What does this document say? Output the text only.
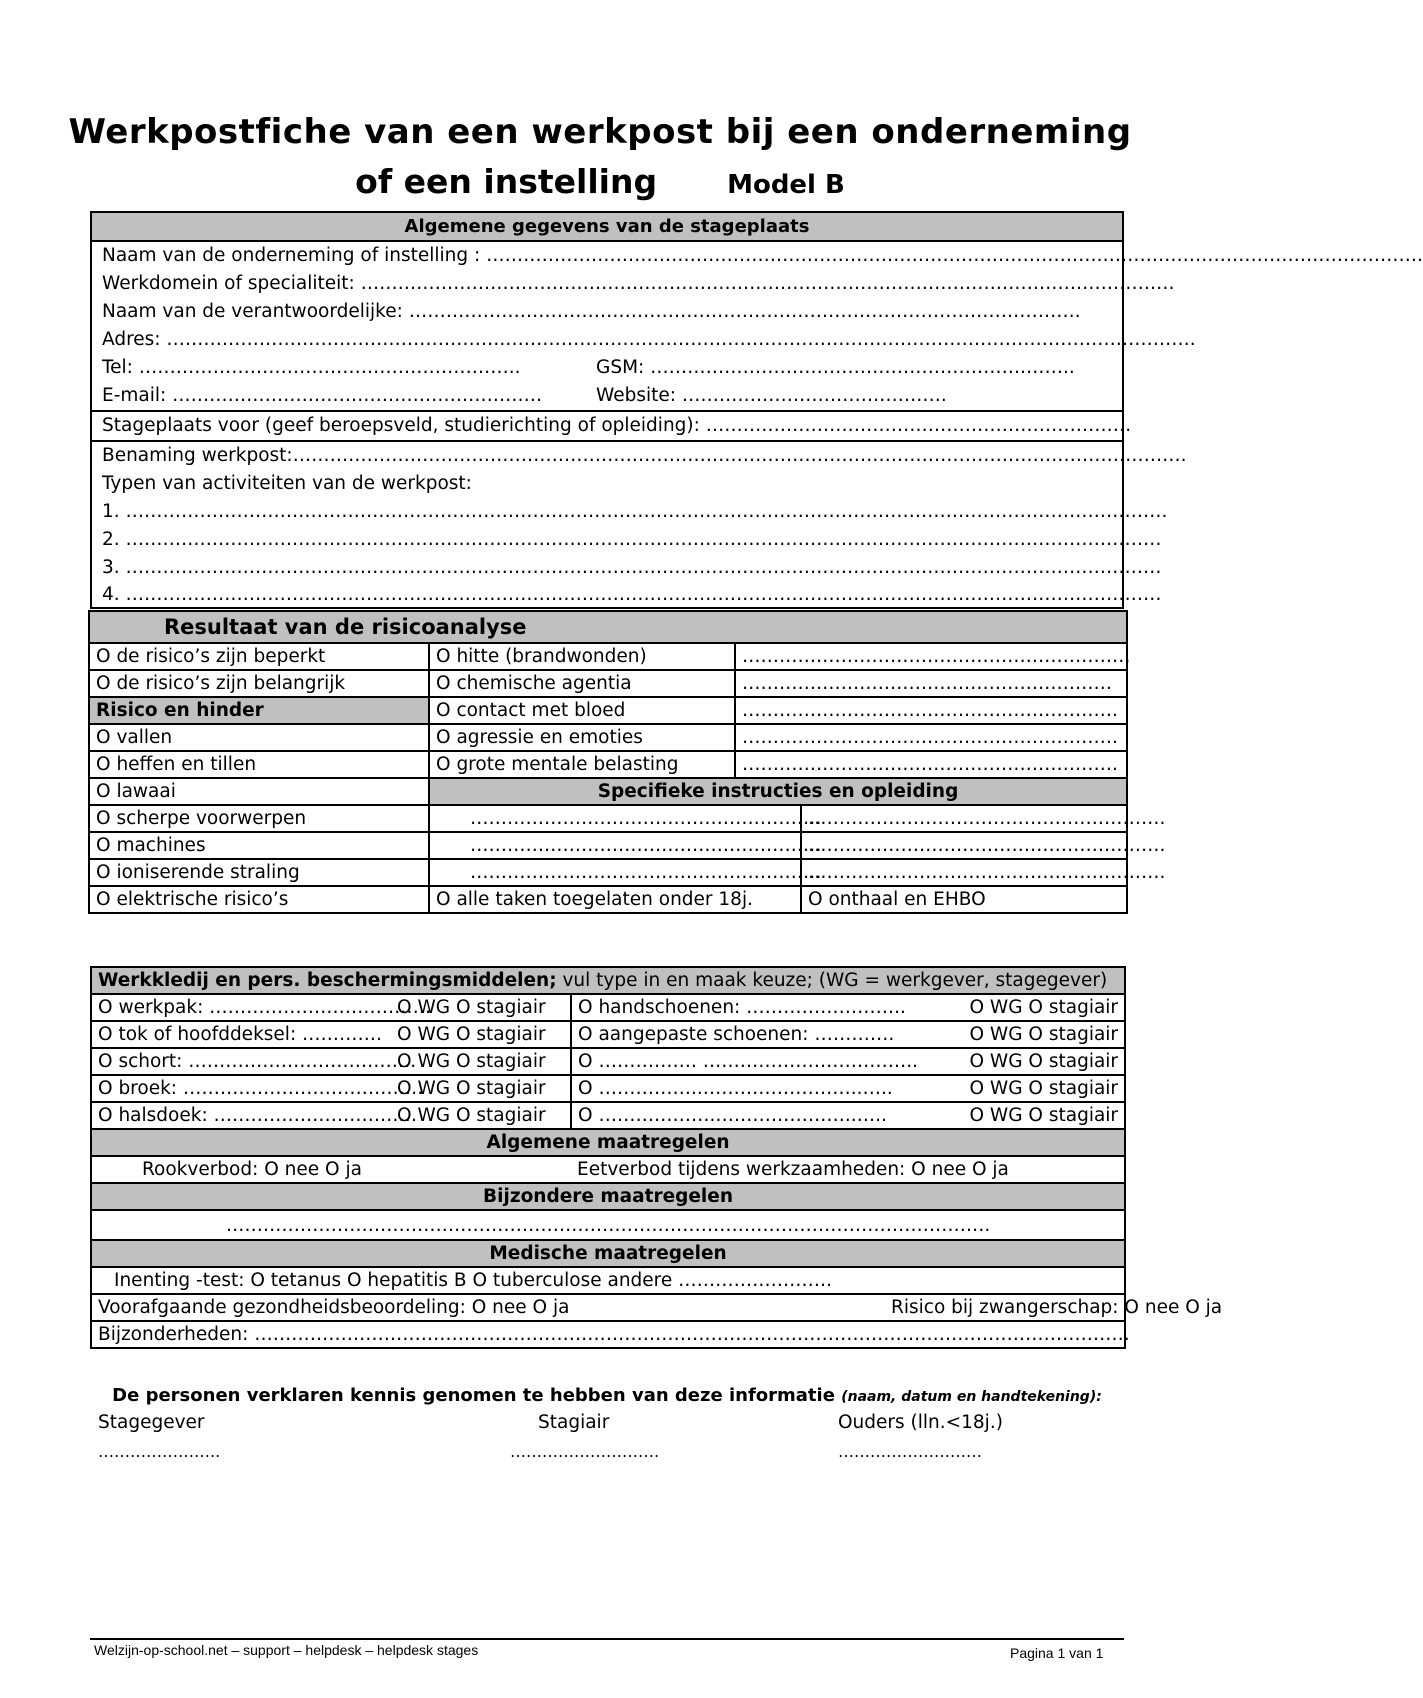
Werkpostfiche van een werkpost bij een onderneming
of een instelling	Model B
Algemene gegevens van de stageplaats
Naam van de onderneming of instelling : ……………………………………………………………………………………….…………………………………………….
Werkdomein of specialiteit: ……………………………………………………………………………………………………………………
Naam van de verantwoordelijke: ……………………………………………………………………………………………….
Adres: ……………………………………………….………………………………………………………………………………………………….
Tel: ……………………………………………………..	GSM: …………………………………………………….……..
E-mail: ……………………………………………………	Website: …………………………………….
Stageplaats voor (geef beroepsveld, studierichting of opleiding): ……………………………………………………………
Benaming werkpost:……………………………………………………………………………………………………………………………….
Typen van activiteiten van de werkpost:
1. …………………………………………………………………………………………………………………………………………………….
2. ……………………………………………………………………………………………………………………………………………………
3. ……………………………………………………………………………………………………………………………………………………
4. ……………………………………………………………………………………………………………………………………………………
Resultaat van de risicoanalyse			
O de risico’s zijn beperkt	O hitte (brandwonden)	………………………………………………………	
O de risico’s zijn belangrijk	O chemische agentia	……………………………………………………	
Risico en hinder	O contact met bloed	…………………………………………………….	
O vallen	O agressie en emoties	…………………………………………………….	
O heffen en tillen	O grote mentale belasting	…………………………………………………….	
O lawaai	Specifieke instructies en opleiding		
O scherpe voorwerpen	…………………………………………………		………………………………………………….
O machines	…………………………………………………		………………………………………………….
O ioniserende straling	…………………………………………………		………………………………………………….
O elektrische risico’s	O alle taken toegelaten onder 18j.		O onthaal en EHBO
Werkkledij en pers. beschermingsmiddelen; vul type in en maak keuze; (WG = werkgever, stagegever)			
O werkpak: ………………………………	O WG O stagiair	O handschoenen: ……………………..	O WG O stagiair
O tok of hoofddeksel: ………….	O WG O stagiair	O aangepaste schoenen: ………….	O WG O stagiair
O schort: ……………………………….	O WG O stagiair	O ……………. ……………………………..	O WG O stagiair
O broek: …………………………………	O WG O stagiair	O ……………..……………………..…..	O WG O stagiair
O halsdoek: ……………………………	O WG O stagiair	O ……………….…………………..…..	O WG O stagiair
Algemene maatregelen			
Rookverbod: O nee O ja		Eetverbod tijdens werkzaamheden: O nee O ja	
Bijzondere maatregelen			
…………………………………………………………………………………………………………….			
Medische maatregelen			
Inenting -test: O tetanus O hepatitis B O tuberculose andere …………………….			
Voorafgaande gezondheidsbeoordeling: O nee O ja			Risico bij zwangerschap: O nee O ja
Bijzonderheden: …………………………………………………………………………………………………………………………….			
De personen verklaren kennis genomen te hebben van deze informatie (naam, datum en handtekening):
Stagegever	Stagiair	Ouders (lln.<18j.)
…………………..	……………………….	………………………
Welzijn-op-school.net – support – helpdesk – helpdesk stages	Pagina 1 van 1
